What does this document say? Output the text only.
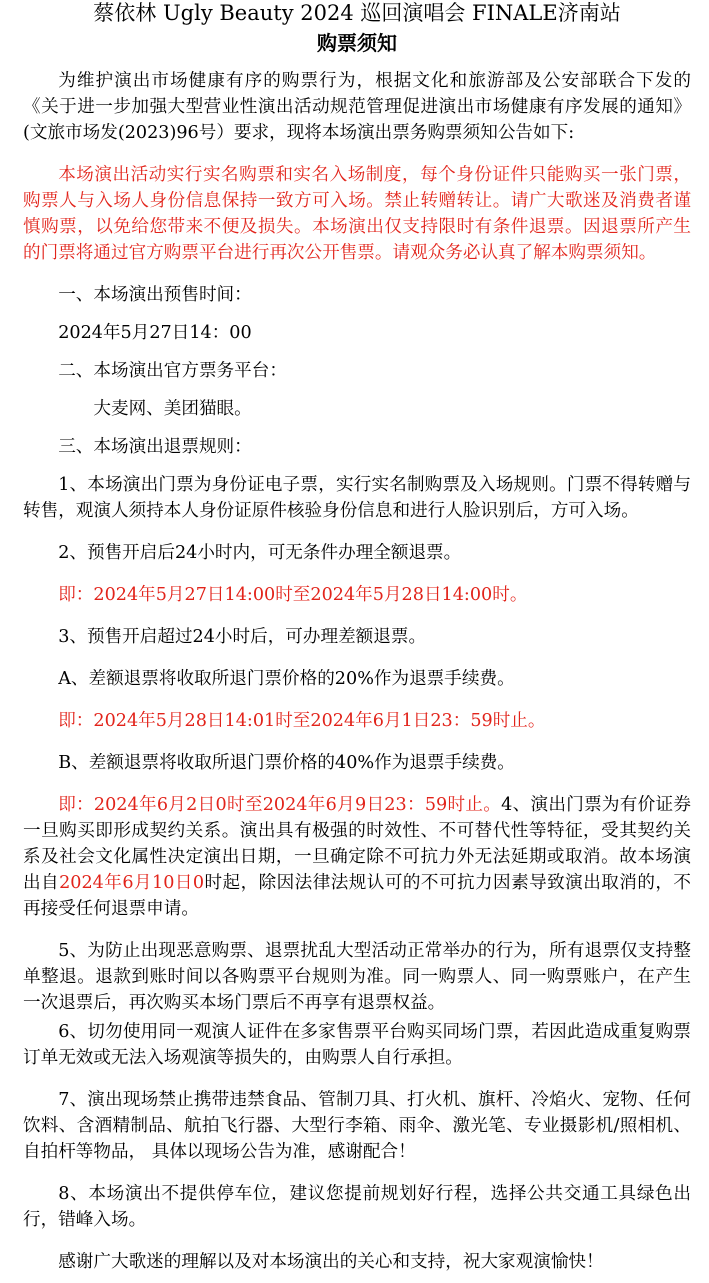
蔡依林 Ugly Beauty 2024 巡回演唱会 FINALE济南站
购票须知

为维护演出市场健康有序的购票行为，根据文化和旅游部及公安部联合下发的《关于进一步加强大型营业性演出活动规范管理促进演出市场健康有序发展的通知》(文旅市场发(2023)96号）要求，现将本场演出票务购票须知公告如下:

本场演出活动实行实名购票和实名入场制度，每个身份证件只能购买一张门票，购票人与入场人身份信息保持一致方可入场。禁止转赠转让。请广大歌迷及消费者谨慎购票，以免给您带来不便及损失。本场演出仅支持限时有条件退票。因退票所产生的门票将通过官方购票平台进行再次公开售票。请观众务必认真了解本购票须知。

一、本场演出预售时间：

2024年5月27日14：00

二、本场演出官方票务平台：

大麦网、美团猫眼。

三、本场演出退票规则：

1、本场演出门票为身份证电子票，实行实名制购票及入场规则。门票不得转赠与转售，观演人须持本人身份证原件核验身份信息和进行人脸识别后，方可入场。

2、预售开启后24小时内，可无条件办理全额退票。

即：2024年5月27日14:00时至2024年5月28日14:00时。

3、预售开启超过24小时后，可办理差额退票。

A、差额退票将收取所退门票价格的20%作为退票手续费。

即：2024年5月28日14:01时至2024年6月1日23：59时止。

B、差额退票将收取所退门票价格的40%作为退票手续费。

即：2024年6月2日0时至2024年6月9日23：59时止。4、演出门票为有价证券一旦购买即形成契约关系。演出具有极强的时效性、不可替代性等特征，受其契约关系及社会文化属性决定演出日期，一旦确定除不可抗力外无法延期或取消。故本场演出自2024年6月10日0时起，除因法律法规认可的不可抗力因素导致演出取消的，不再接受任何退票申请。

5、为防止出现恶意购票、退票扰乱大型活动正常举办的行为，所有退票仅支持整单整退。退款到账时间以各购票平台规则为准。同一购票人、同一购票账户，在产生一次退票后，再次购买本场门票后不再享有退票权益。

6、切勿使用同一观演人证件在多家售票平台购买同场门票，若因此造成重复购票订单无效或无法入场观演等损失的，由购票人自行承担。

7、演出现场禁止携带违禁食品、管制刀具、打火机、旗杆、冷焰火、宠物、任何饮料、含酒精制品、航拍飞行器、大型行李箱、雨伞、激光笔、专业摄影机/照相机、 自拍杆等物品， 具体以现场公告为准，感谢配合！

8、本场演出不提供停车位，建议您提前规划好行程，选择公共交通工具绿色出行，错峰入场。

感谢广大歌迷的理解以及对本场演出的关心和支持，祝大家观演愉快！
